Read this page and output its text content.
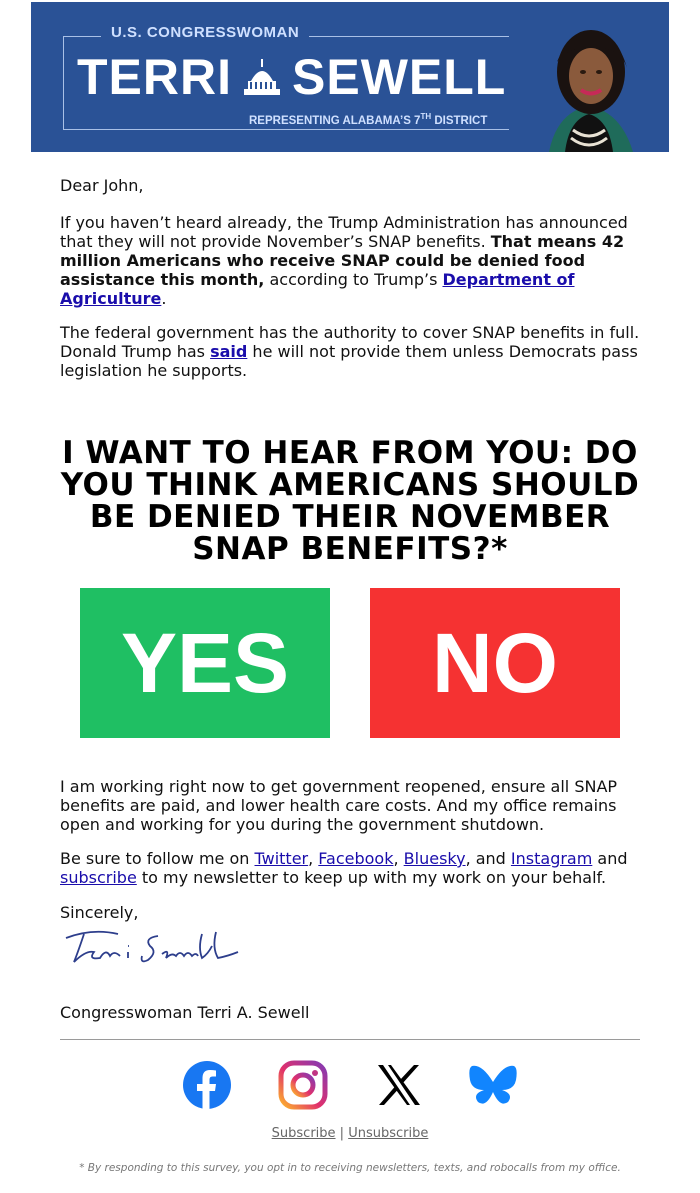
U.S. CONGRESSWOMAN
TERRI SEWELL
REPRESENTING ALABAMA’S 7TH DISTRICT

Dear John,

If you haven’t heard already, the Trump Administration has announced that they will not provide November’s SNAP benefits. That means 42 million Americans who receive SNAP could be denied food assistance this month, according to Trump’s Department of Agriculture.

The federal government has the authority to cover SNAP benefits in full. Donald Trump has said he will not provide them unless Democrats pass legislation he supports.

I WANT TO HEAR FROM YOU: DO YOU THINK AMERICANS SHOULD BE DENIED THEIR NOVEMBER SNAP BENEFITS?*
YES	NO

I am working right now to get government reopened, ensure all SNAP benefits are paid, and lower health care costs. And my office remains open and working for you during the government shutdown.

Be sure to follow me on Twitter, Facebook, Bluesky, and Instagram and subscribe to my newsletter to keep up with my work on your behalf.

Sincerely,

Congresswoman Terri A. Sewell

Subscribe | Unsubscribe
* By responding to this survey, you opt in to receiving newsletters, texts, and robocalls from my office.
